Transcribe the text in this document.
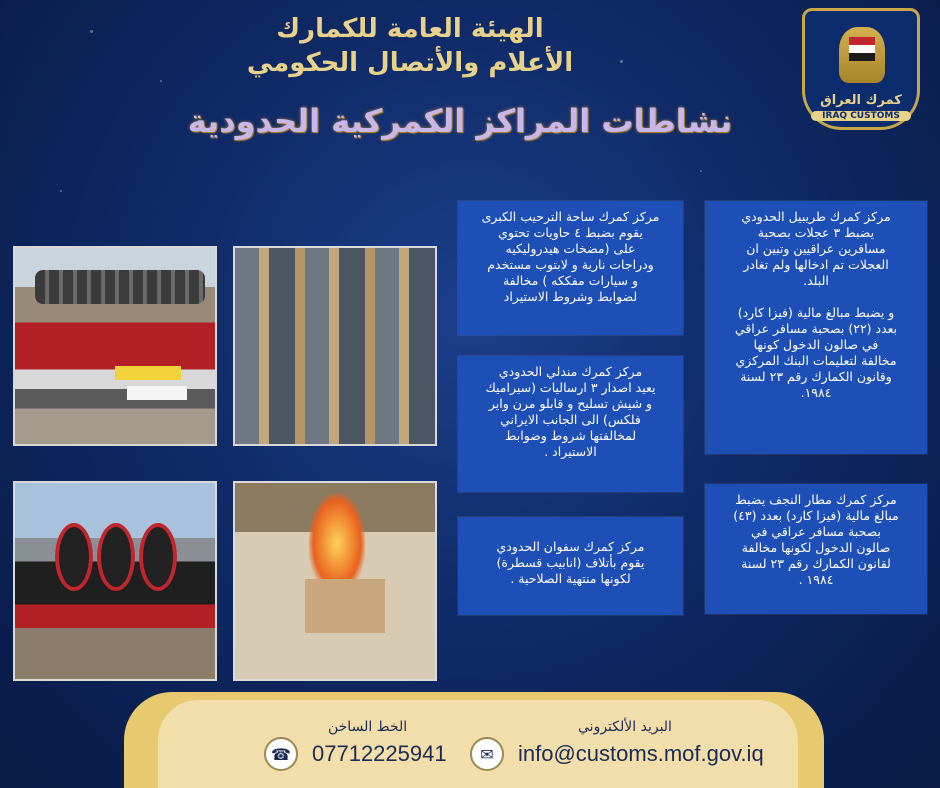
الهيئة العامة للكمارك
الأعلام والأتصال الحكومي
نشاطات المراكز الكمركية الحدودية
كمرك العراق
IRAQ CUSTOMS
مركز كمرك طريبيل الحدودي
يضبط ٣ عجلات بصحبة
مسافرين عراقيين وتبين ان
العجلات تم ادخالها ولم تغادر
البلد.

و يضبط مبالغ مالية (فيزا كارد)
بعدد (٢٢) بصحبة مسافر عراقي
في صالون الدخول كونها
مخالفة لتعليمات البنك المركزي
وقانون الكمارك رقم ٢٣ لسنة
١٩٨٤.
مركز كمرك مطار النجف يضبط
مبالغ مالية (فيزا كارد) بعدد (٤٣)
بصحبة مسافر عراقي في
صالون الدخول لكونها مخالفة
لقانون الكمارك رقم ٢٣ لسنة
١٩٨٤ .
مركز كمرك ساحة الترحيب الكبرى
يقوم بضبط ٤ حاويات تحتوي
على (مضخات هيدروليكيه
ودراجات نارية و لابتوب مستخدم
و سيارات مفككه ) مخالفة
لضوابط وشروط الاستيراد
مركز كمرك مندلي الحدودي
يعيد اصدار ٣ ارساليات (سيراميك
و شيش تسليح و قابلو مرن واير
فلكس) الى الجانب الايراني
لمخالفتها شروط وضوابط
الاستيراد .
مركز كمرك سفوان الحدودي
يقوم بأتلاف (انابيب قسطرة)
لكونها منتهية الصلاحية .
الخط الساخن
☎ 07712225941
البريد الألكتروني
✉	info@customs.mof.gov.iq
